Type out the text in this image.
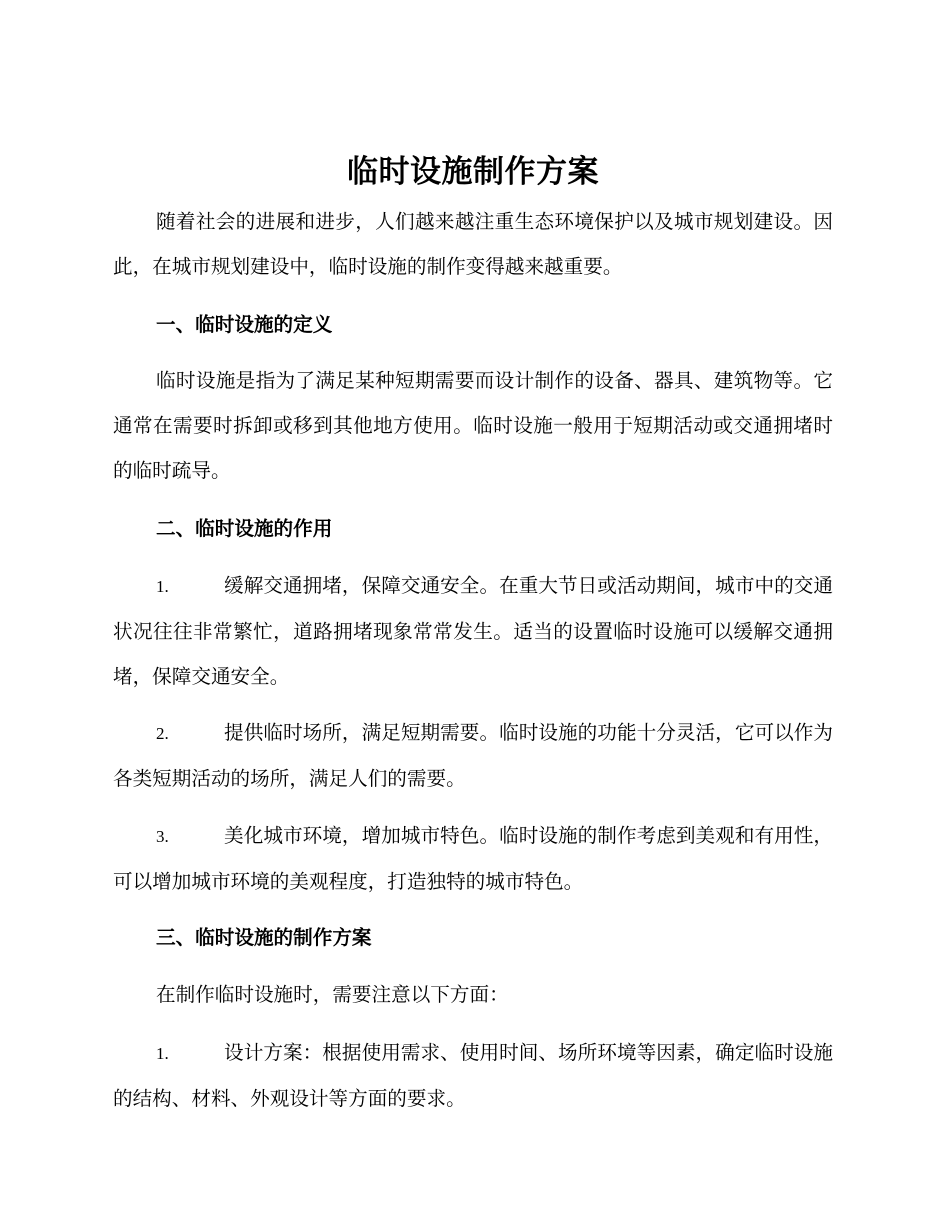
临时设施制作方案
随着社会的进展和进步，人们越来越注重生态环境保护以及城市规划建设。因此，在城市规划建设中，临时设施的制作变得越来越重要。
一、临时设施的定义
临时设施是指为了满足某种短期需要而设计制作的设备、器具、建筑物等。它通常在需要时拆卸或移到其他地方使用。临时设施一般用于短期活动或交通拥堵时的临时疏导。
二、临时设施的作用
1.	缓解交通拥堵，保障交通安全。在重大节日或活动期间，城市中的交通状况往往非常繁忙，道路拥堵现象常常发生。适当的设置临时设施可以缓解交通拥堵，保障交通安全。
2.	提供临时场所，满足短期需要。临时设施的功能十分灵活，它可以作为各类短期活动的场所，满足人们的需要。
3.	美化城市环境，增加城市特色。临时设施的制作考虑到美观和有用性，可以增加城市环境的美观程度，打造独特的城市特色。
三、临时设施的制作方案
在制作临时设施时，需要注意以下方面：
1.	设计方案：根据使用需求、使用时间、场所环境等因素，确定临时设施的结构、材料、外观设计等方面的要求。
